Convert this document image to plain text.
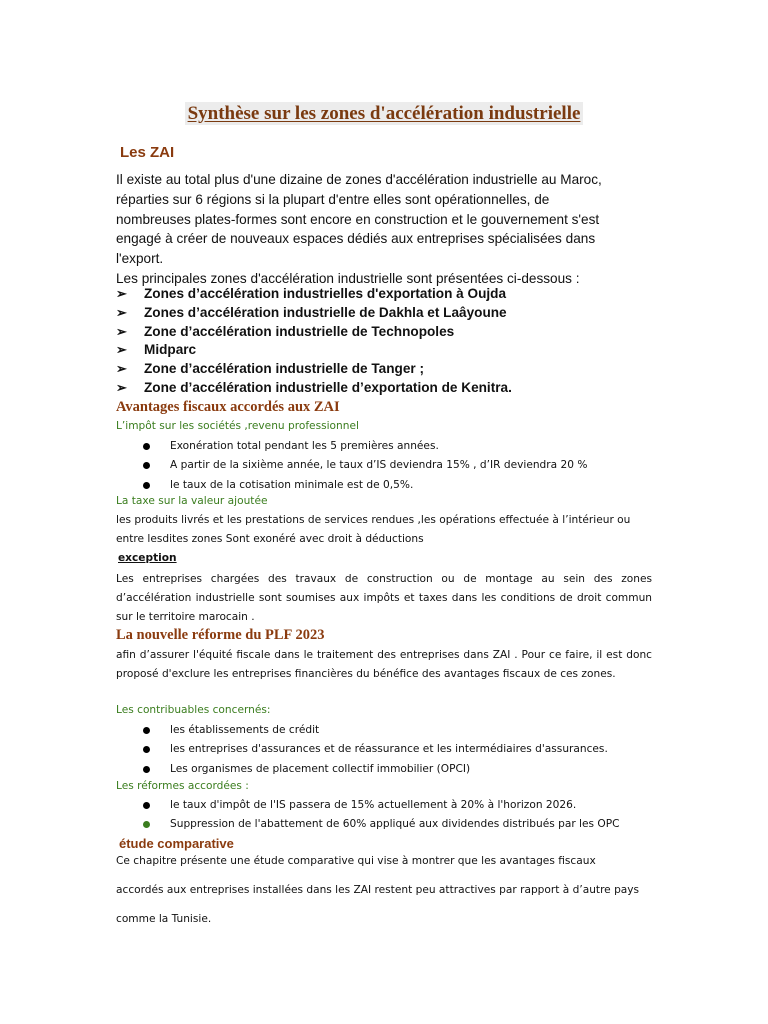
Synthèse sur les zones d'accélération industrielle
Les ZAI
Il existe au total plus d'une dizaine de zones d'accélération industrielle au Maroc,
réparties sur 6 régions si la plupart d'entre elles sont opérationnelles, de
nombreuses plates-formes sont encore en construction et le gouvernement s'est
engagé à créer de nouveaux espaces dédiés aux entreprises spécialisées dans
l'export.
Les principales zones d'accélération industrielle sont présentées ci-dessous :
➢ Zones d’accélération industrielles d'exportation à Oujda
➢ Zones d’accélération industrielle de Dakhla et Laâyoune
➢ Zone d’accélération industrielle de Technopoles
➢ Midparc
➢ Zone d’accélération industrielle de Tanger ;
➢ Zone d’accélération industrielle d’exportation de Kenitra.
Avantages fiscaux accordés aux ZAI
L’impôt sur les sociétés ,revenu professionnel
Exonération total pendant les 5 premières années.
A partir de la sixième année, le taux d’IS deviendra 15% , d’IR deviendra 20 %
le taux de la cotisation minimale est de 0,5%.
La taxe sur la valeur ajoutée
les produits livrés et les prestations de services rendues ,les opérations effectuée à l’intérieur ou
entre lesdites zones Sont exonéré avec droit à déductions
exception

Les entreprises chargées des travaux de construction ou de montage au sein des zones d’accélération industrielle sont soumises aux impôts et taxes dans les conditions de droit commun sur le territoire marocain .

La nouvelle réforme du PLF 2023

afin d’assurer l'équité fiscale dans le traitement des entreprises dans ZAI . Pour ce faire, il est donc proposé d'exclure les entreprises financières du bénéfice des avantages fiscaux de ces zones.

Les contribuables concernés:
les établissements de crédit
les entreprises d'assurances et de réassurance et les intermédiaires d'assurances.
Les organismes de placement collectif immobilier (OPCI)
Les réformes accordées :
le taux d'impôt de l'IS passera de 15% actuellement à 20% à l'horizon 2026.
Suppression de l'abattement de 60% appliqué aux dividendes distribués par les OPC
étude comparative
Ce chapitre présente une étude comparative qui vise à montrer que les avantages fiscaux
accordés aux entreprises installées dans les ZAI restent peu attractives par rapport à d’autre pays
comme la Tunisie.
